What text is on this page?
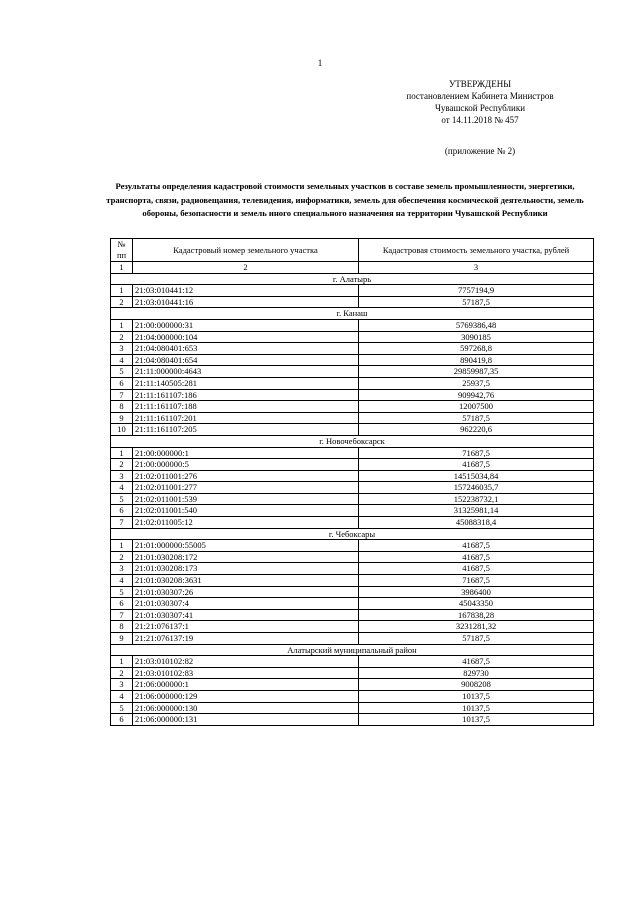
1
УТВЕРЖДЕНЫ
постановлением Кабинета Министров
Чувашской Республики
от 14.11.2018 № 457
(приложение № 2)
Результаты определения кадастровой стоимости земельных участков в составе земель промышленности, энергетики, транспорта, связи, радиовещания, телевидения, информатики, земель для обеспечения космической деятельности, земель обороны, безопасности и земель иного специального назначения на территории Чувашской Республики
№ пп	Кадастровый номер земельного участка	Кадастровая стоимость земельного участка, рублей
1	2	3
г. Алатырь		
1	21:03:010441:12	7757194,9
2	21:03:010441:16	57187,5
г. Канаш		
1	21:00:000000:31	5769386,48
2	21:04:000000:104	3090185
3	21:04:080401:653	597268,8
4	21:04:080401:654	890419,8
5	21:11:000000:4643	29859987,35
6	21:11:140505:281	25937,5
7	21:11:161107:186	909942,76
8	21:11:161107:188	12007500
9	21:11:161107:201	57187,5
10	21:11:161107:205	962220,6
г. Новочебоксарск		
1	21:00:000000:1	71687,5
2	21:00:000000:5	41687,5
3	21:02:011001:276	14515034,84
4	21:02:011001:277	157246035,7
5	21:02:011001:539	152238732,1
6	21:02:011001:540	31325981,14
7	21:02:011005:12	45088318,4
г. Чебоксары		
1	21:01:000000:55005	41687,5
2	21:01:030208:172	41687,5
3	21:01:030208:173	41687,5
4	21:01:030208:3631	71687,5
5	21:01:030307:26	3986400
6	21:01:030307:4	45043350
7	21:01:030307:41	167838,28
8	21:21:076137:1	3231281,32
9	21:21:076137:19	57187,5
Алатырский муниципальный район		
1	21:03:010102:82	41687,5
2	21:03:010102:83	829730
3	21:06:000000:1	9008208
4	21:06:000000:129	10137,5
5	21:06:000000:130	10137,5
6	21:06:000000:131	10137,5
